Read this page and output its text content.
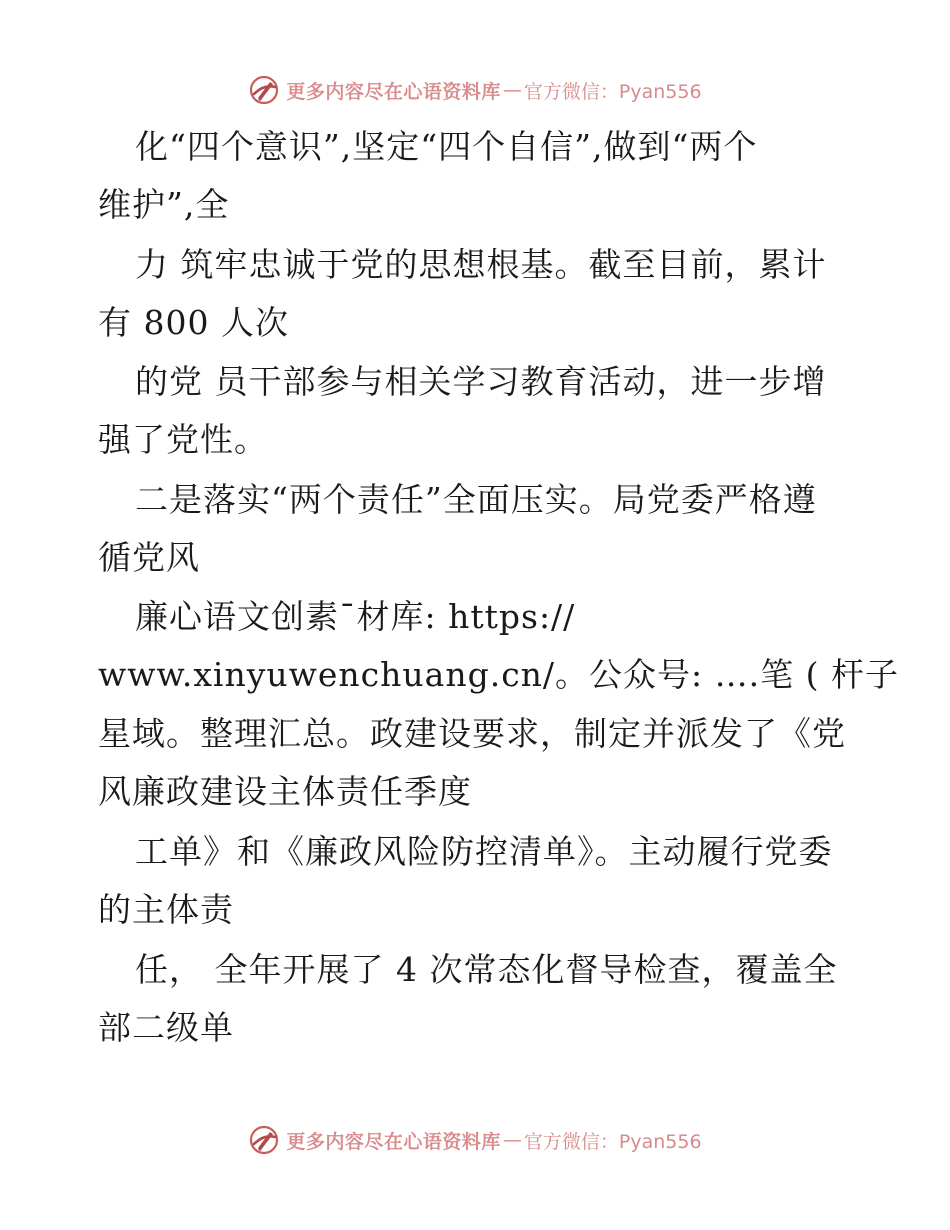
更多内容尽在心语资料库 — 官方微信：Pyan556
化“四个意识”,坚定“四个自信”,做到“两个
维护”,全
力 筑牢忠诚于党的思想根基。截至目前，累计
有 800 人次
的党 员干部参与相关学习教育活动，进一步增
强了党性。
二是落实“两个责任”全面压实。局党委严格遵
循党风
廉心语文创素¯材库: https://
www.xinyuwenchuang.cn/。公众号: ….笔 ( 杆子
星域。整理汇总。政建设要求，制定并派发了《党
风廉政建设主体责任季度
工单》和《廉政风险防控清单》。主动履行党委
的主体责
任， 全年开展了 4 次常态化督导检查，覆盖全
部二级单
更多内容尽在心语资料库 — 官方微信：Pyan556
